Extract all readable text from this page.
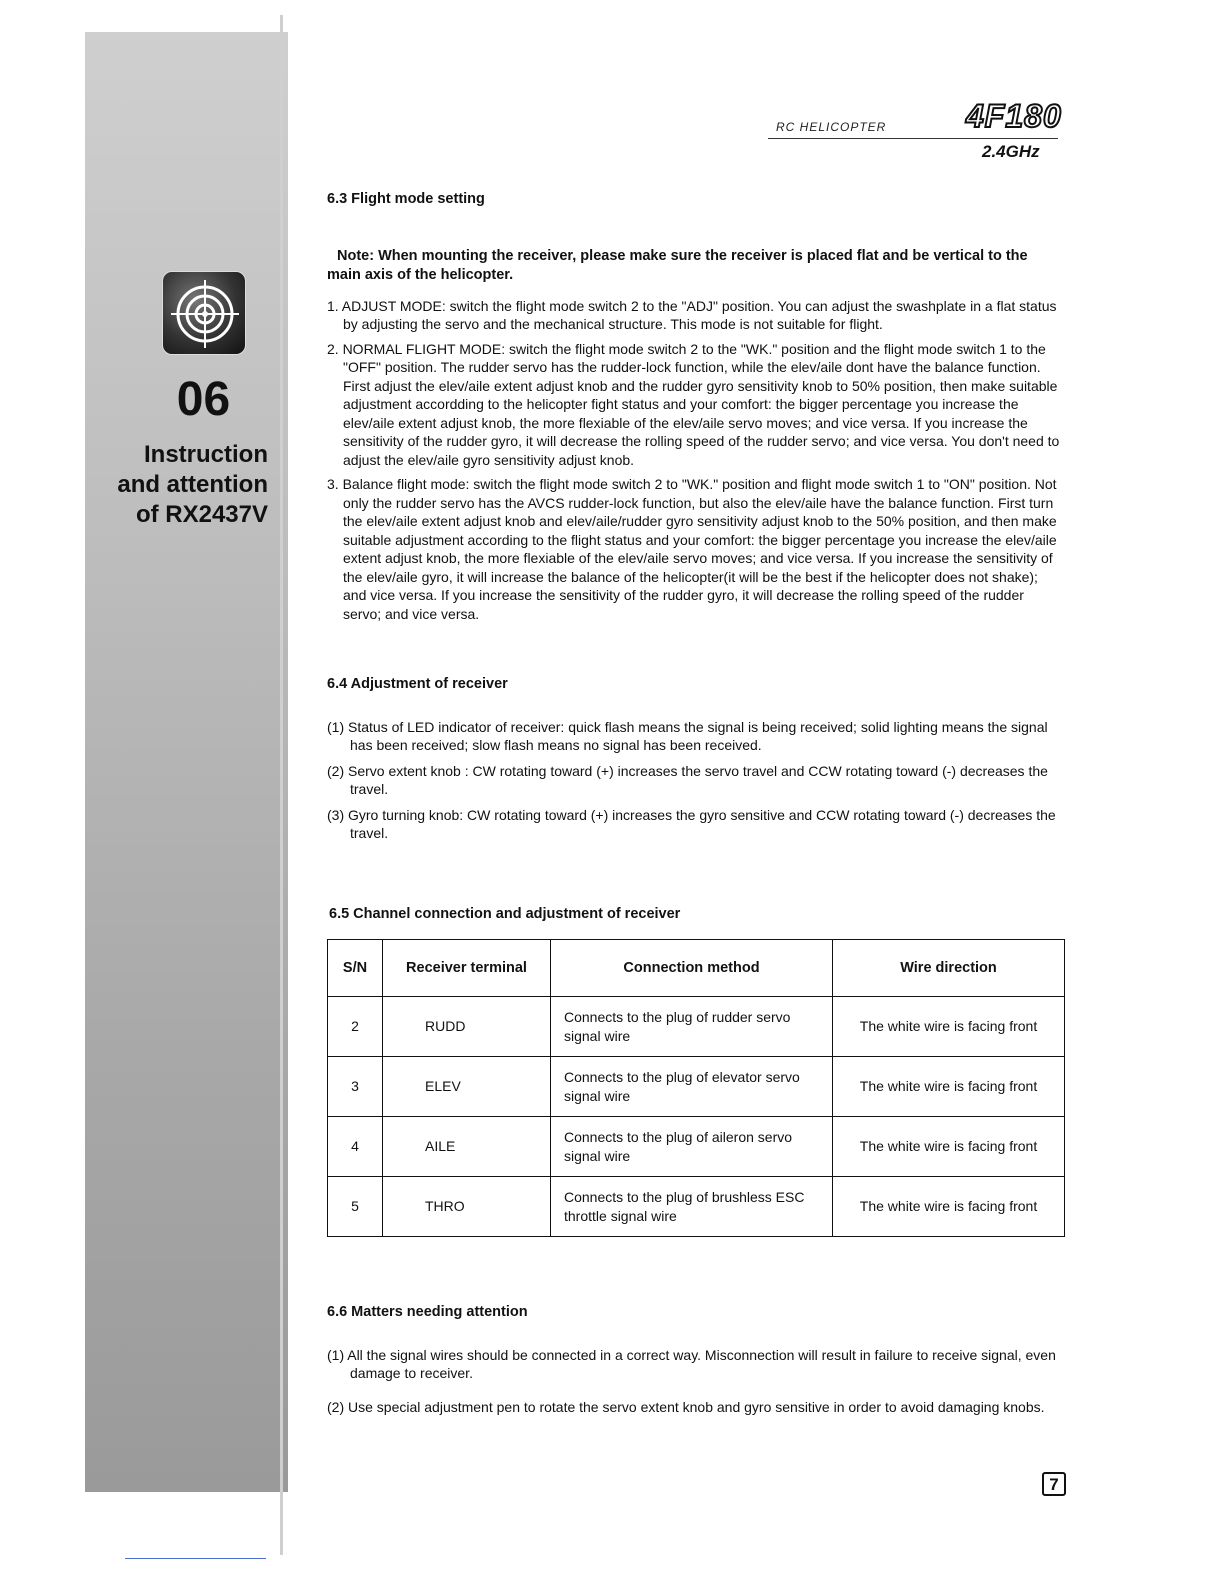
06
Instruction
and attention
of RX2437V
RC HELICOPTER 4F180
2.4GHz
6.3 Flight mode setting

Note: When mounting the receiver, please make sure the receiver is placed flat and be vertical to the main axis of the helicopter.

1. ADJUST MODE: switch the flight mode switch 2 to the "ADJ" position. You can adjust the swashplate in a flat status by adjusting the servo and the mechanical structure. This mode is not suitable for flight.
2. NORMAL FLIGHT MODE: switch the flight mode switch 2 to the "WK." position and the flight mode switch 1 to the "OFF" position. The rudder servo has the rudder-lock function, while the elev/aile dont have the balance function. First adjust the elev/aile extent adjust knob and the rudder gyro sensitivity knob to 50% position, then make suitable adjustment accordding to the helicopter fight status and your comfort: the bigger percentage you increase the elev/aile extent adjust knob, the more flexiable of the elev/aile servo moves; and vice versa. If you increase the sensitivity of the rudder gyro, it will decrease the rolling speed of the rudder servo; and vice versa. You don't need to adjust the elev/aile gyro sensitivity adjust knob.
3. Balance flight mode: switch the flight mode switch 2 to "WK." position and flight mode switch 1 to "ON" position. Not only the rudder servo has the AVCS rudder-lock function, but also the elev/aile have the balance function. First turn the elev/aile extent adjust knob and elev/aile/rudder gyro sensitivity adjust knob to the 50% position, and then make suitable adjustment according to the flight status and your comfort: the bigger percentage you increase the elev/aile extent adjust knob, the more flexiable of the elev/aile servo moves; and vice versa. If you increase the sensitivity of the elev/aile gyro, it will increase the balance of the helicopter(it will be the best if the helicopter does not shake); and vice versa. If you increase the sensitivity of the rudder gyro, it will decrease the rolling speed of the rudder servo; and vice versa.
6.4 Adjustment of receiver
(1) Status of LED indicator of receiver: quick flash means the signal is being received; solid lighting means the signal has been received; slow flash means no signal has been received.
(2) Servo extent knob : CW rotating toward (+) increases the servo travel and CCW rotating toward (-) decreases the travel.
(3) Gyro turning knob: CW rotating toward (+) increases the gyro sensitive and CCW rotating toward (-) decreases the travel.
6.5 Channel connection and adjustment of receiver
S/N	Receiver terminal	Connection method	Wire direction
2	RUDD	Connects to the plug of rudder servo signal wire	The white wire is facing front
3	ELEV	Connects to the plug of elevator servo signal wire	The white wire is facing front
4	AILE	Connects to the plug of aileron servo signal wire	The white wire is facing front
5	THRO	Connects to the plug of brushless ESC throttle signal wire	The white wire is facing front
6.6 Matters needing attention
(1) All the signal wires should be connected in a correct way. Misconnection will result in failure to receive signal, even damage to receiver.
(2) Use special adjustment pen to rotate the servo extent knob and gyro sensitive in order to avoid damaging knobs.
7
